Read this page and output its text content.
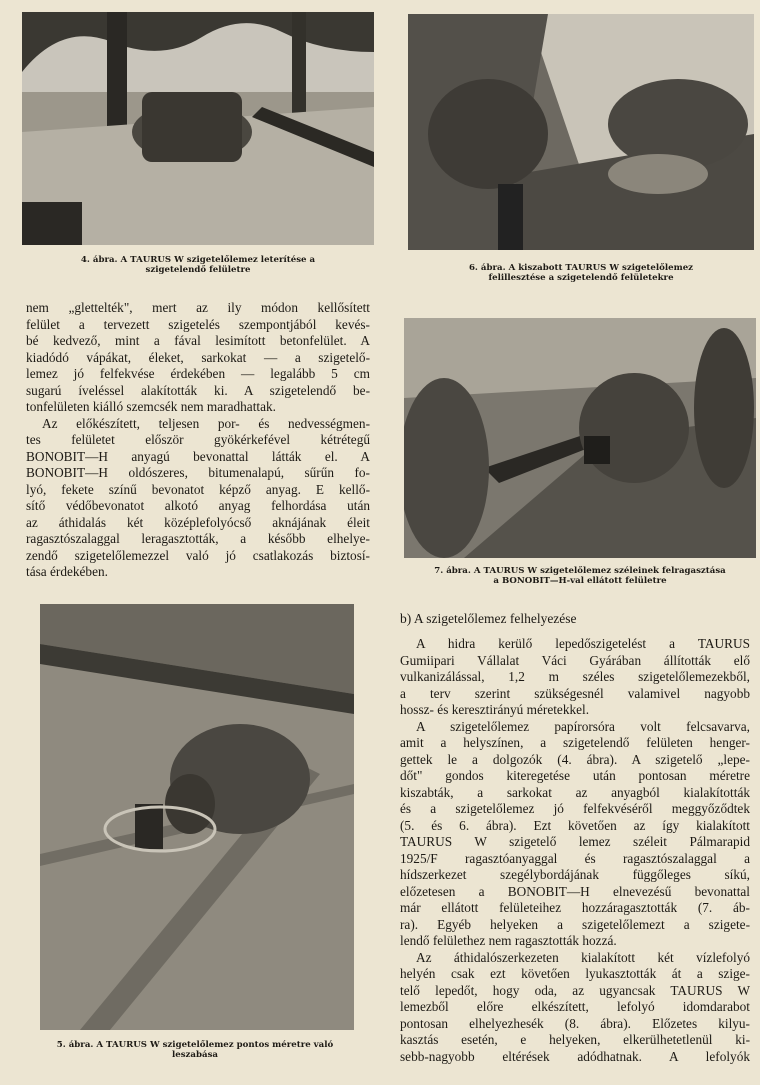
4. ábra. A TAURUS W szigetelőlemez leterítése a
szigetelendő felületre	6. ábra. A kiszabott TAURUS W szigetelőlemez
felillesztése a szigetelendő felületekre
7. ábra. A TAURUS W szigetelőlemez széleinek felragasztása
a BONOBIT—H-val ellátott felületre
5. ábra. A TAURUS W szigetelőlemez pontos méretre való
leszabása
nem „glettelték", mert az ily módon kellősített
felület a tervezett szigetelés szempontjából kevés-
bé kedvező, mint a fával lesimított betonfelület. A
kiadódó vápákat, éleket, sarkokat — a szigetelő-
lemez jó felfekvése érdekében — legalább 5 cm
sugarú íveléssel alakították ki. A szigetelendő be-
tonfelületen kiálló szemcsék nem maradhattak.
Az előkészített, teljesen por- és nedvességmen-
tes felületet először gyökérkefével kétrétegű
BONOBIT—H anyagú bevonattal látták el. A
BONOBIT—H oldószeres, bitumenalapú, sűrűn fo-
lyó, fekete színű bevonatot képző anyag. E kellő-
sítő védőbevonatot alkotó anyag felhordása után
az áthidalás két középlefolyócső aknájának éleit
ragasztószalaggal leragasztották, a később elhelye-
zendő szigetelőlemezzel való jó csatlakozás biztosí-
tása érdekében.
b) A szigetelőlemez felhelyezése
A hidra kerülő lepedőszigetelést a TAURUS
Gumiipari Vállalat Váci Gyárában állították elő
vulkanizálással, 1,2 m széles szigetelőlemezekből,
a terv szerint szükségesnél valamivel nagyobb
hossz- és keresztirányú méretekkel.
A szigetelőlemez papírorsóra volt felcsavarva,
amit a helyszínen, a szigetelendő felületen henger-
gettek le a dolgozók (4. ábra). A szigetelő „lepe-
dőt" gondos kiteregetése után pontosan méretre
kiszabták, a sarkokat az anyagból kialakították
és a szigetelőlemez jó felfekvéséről meggyőződtek
(5. és 6. ábra). Ezt követően az így kialakított
TAURUS W szigetelő lemez széleit Pálmarapid
1925/F ragasztóanyaggal és ragasztószalaggal a
hídszerkezet szegélybordájának függőleges síkú,
előzetesen a BONOBIT—H elnevezésű bevonattal
már ellátott felületeihez hozzáragasztották (7. áb-
ra). Egyéb helyeken a szigetelőlemezt a szigete-
lendő felülethez nem ragasztották hozzá.
Az áthidalószerkezeten kialakított két vízlefolyó
helyén csak ezt követően lyukasztották át a szige-
telő lepedőt, hogy oda, az ugyancsak TAURUS W
lemezből előre elkészített, lefolyó idomdarabot
pontosan elhelyezhesék (8. ábra). Előzetes kilyu-
kasztás esetén, e helyeken, elkerülhetetlenül ki-
sebb-nagyobb eltérések adódhatnak. A lefolyók
